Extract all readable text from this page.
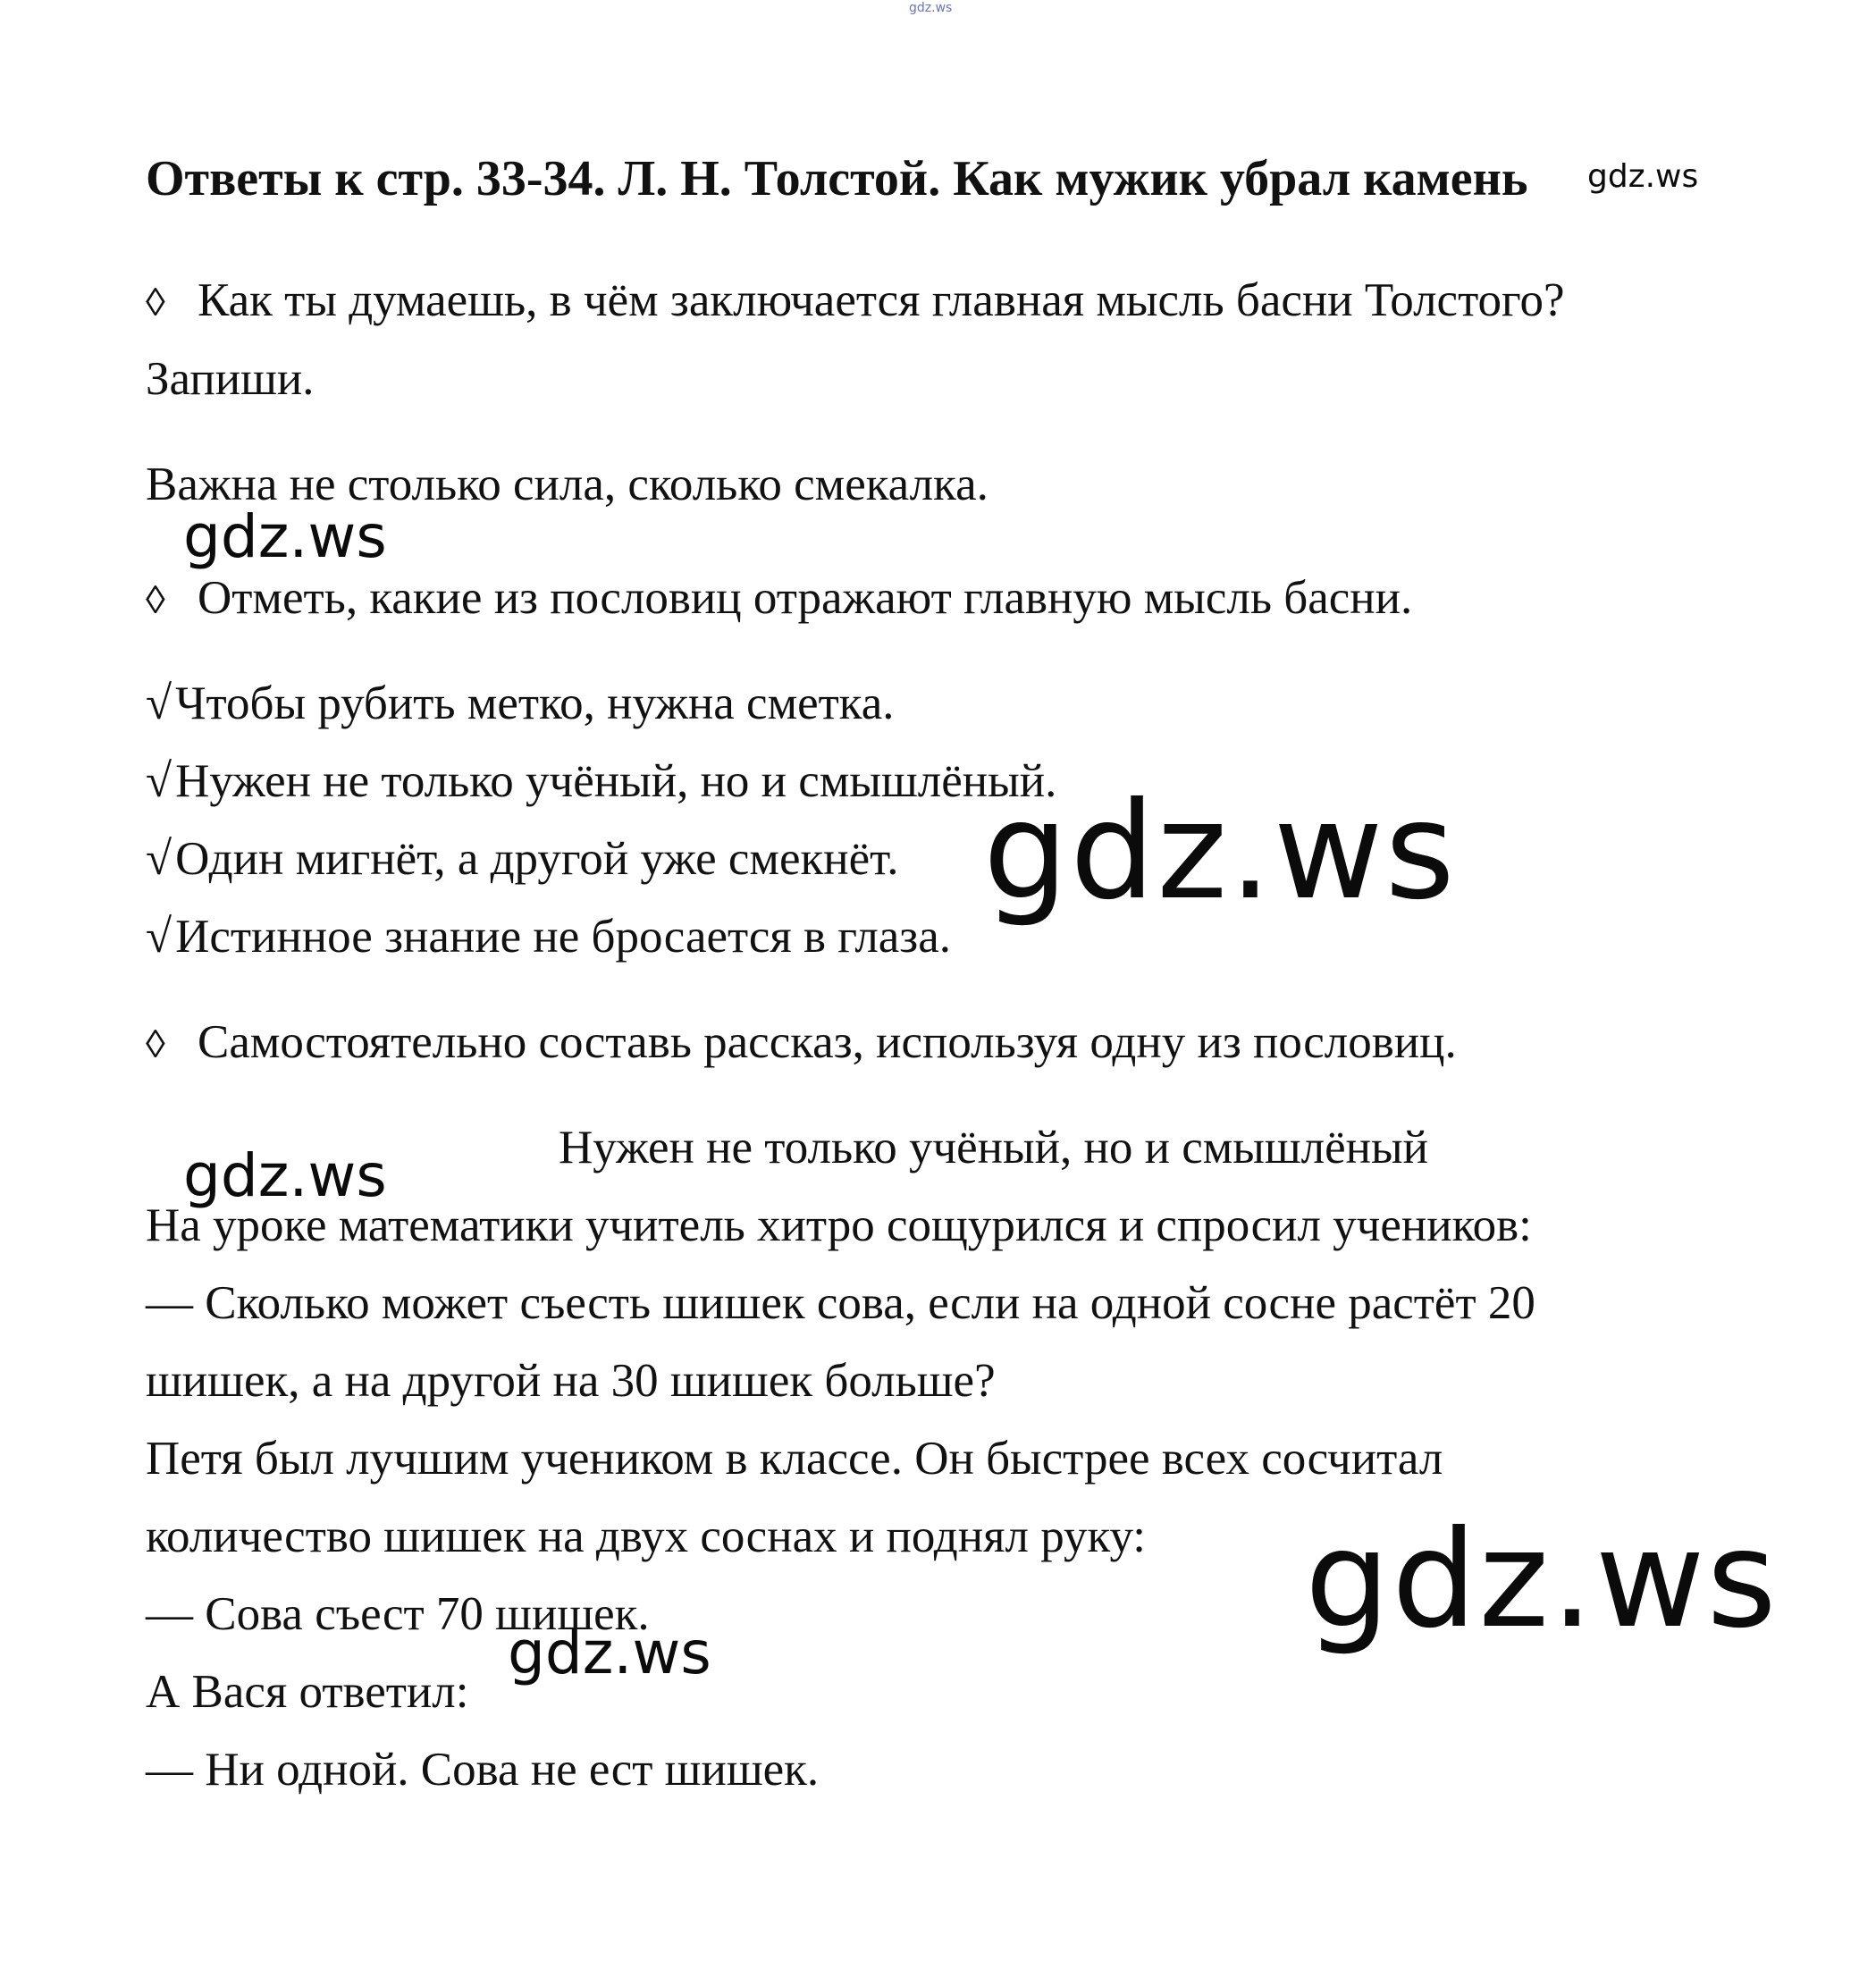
Ответы к стр. 33-34. Л. Н. Толстой. Как мужик убрал камень

◊ Как ты думаешь, в чём заключается главная мысль басни Толстого?

Запиши.

Важна не столько сила, сколько смекалка.

◊ Отметь, какие из пословиц отражают главную мысль басни.

√Чтобы рубить метко, нужна сметка.

√Нужен не только учёный, но и смышлёный.

√Один мигнёт, а другой уже смекнёт.

√Истинное знание не бросается в глаза.

◊ Самостоятельно составь рассказ, используя одну из пословиц.

Нужен не только учёный, но и смышлёный

На уроке математики учитель хитро сощурился и спросил учеников:

— Сколько может съесть шишек сова, если на одной сосне растёт 20

шишек, а на другой на 30 шишек больше?

Петя был лучшим учеником в классе. Он быстрее всех сосчитал

количество шишек на двух соснах и поднял руку:

— Сова съест 70 шишек.

А Вася ответил:

— Ни одной. Сова не ест шишек.

gdz.ws
gdz.ws
gdz.ws
gdz.ws
gdz.ws
gdz.ws
gdz.ws
